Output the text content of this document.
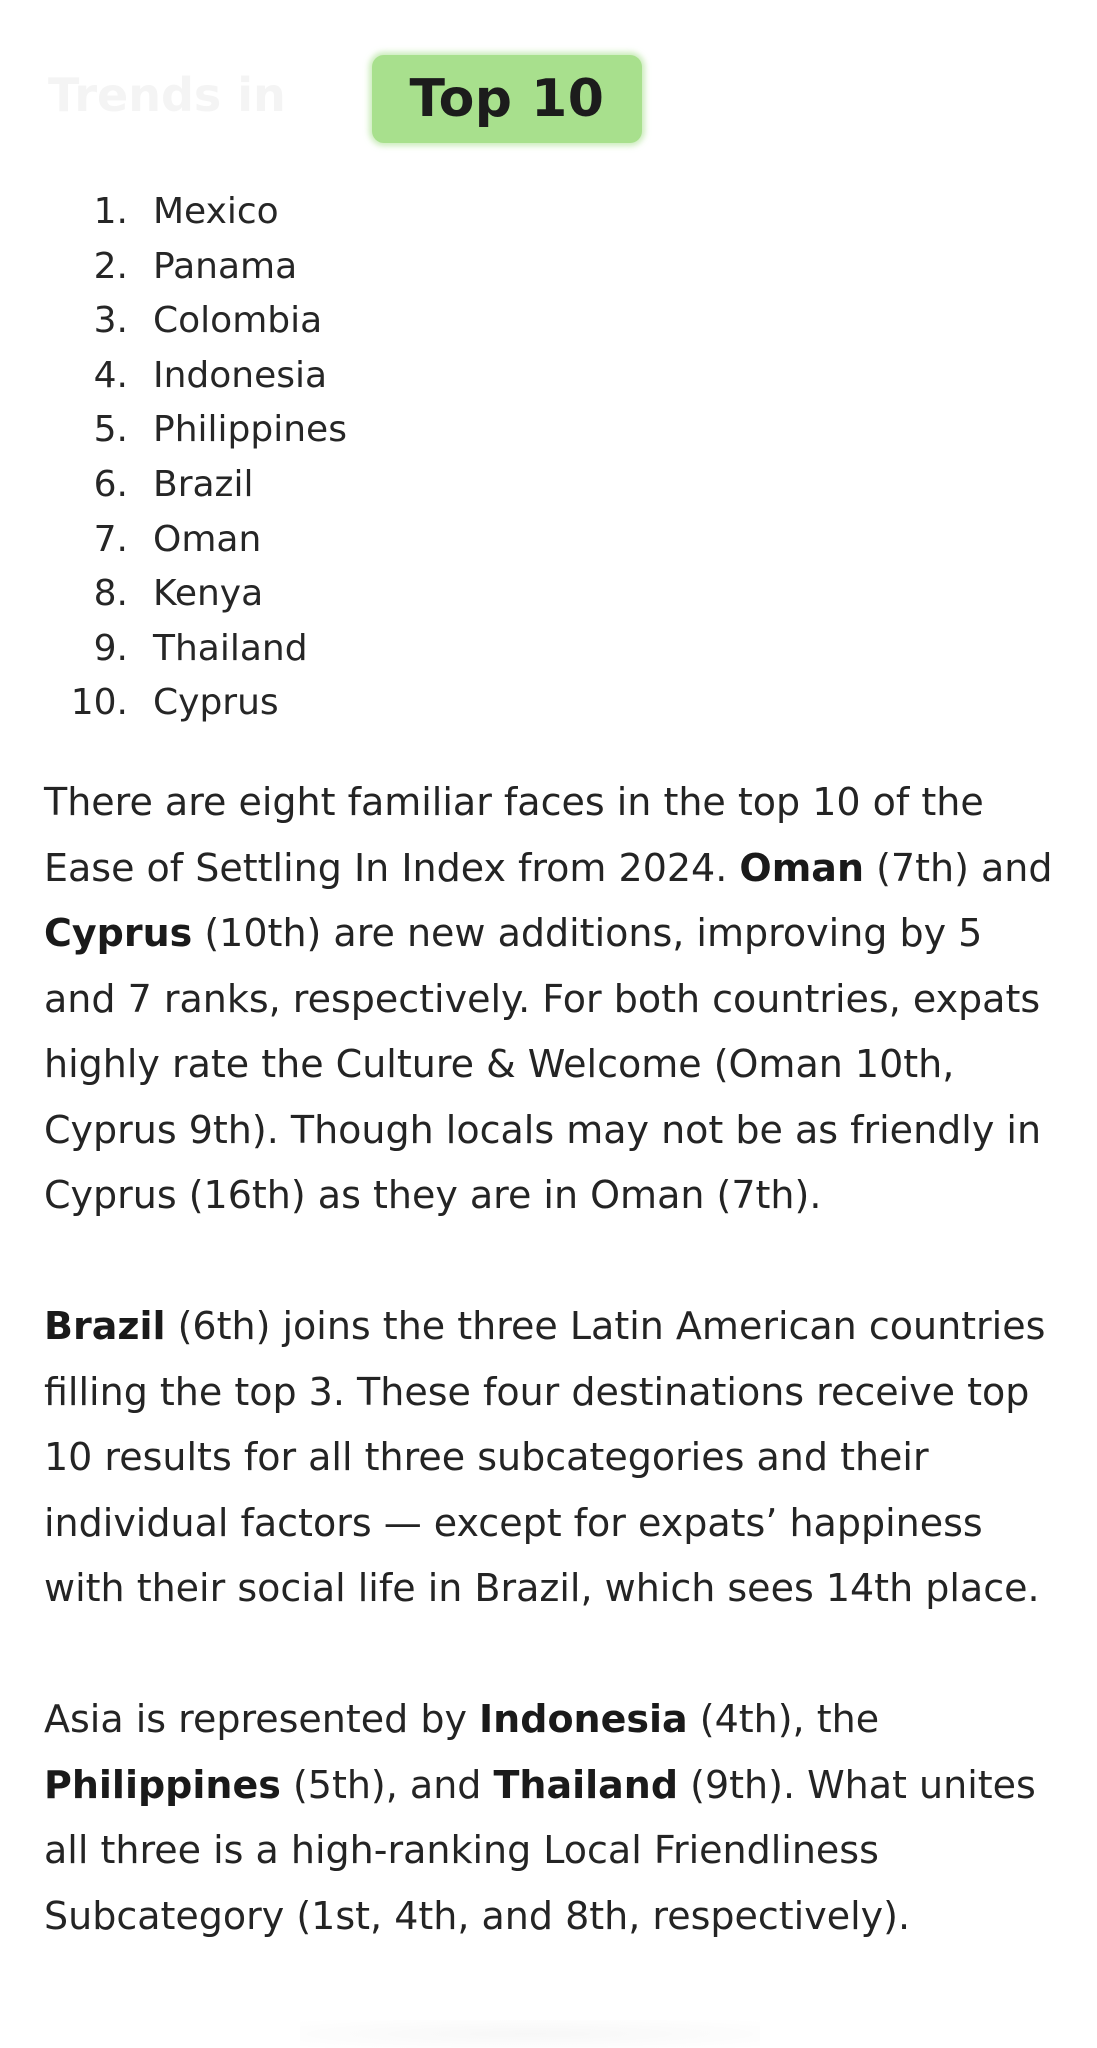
Trends in Top 10
1. Mexico
2. Panama
3. Colombia
4. Indonesia
5. Philippines
6. Brazil
7. Oman
8. Kenya
9. Thailand
10. Cyprus

There are eight familiar faces in the top 10 of the Ease of Settling In Index from 2024. Oman (7th) and Cyprus (10th) are new additions, improving by 5 and 7 ranks, respectively. For both countries, expats highly rate the Culture & Welcome (Oman 10th, Cyprus 9th). Though locals may not be as friendly in Cyprus (16th) as they are in Oman (7th).

Brazil (6th) joins the three Latin American countries filling the top 3. These four destinations receive top 10 results for all three subcategories and their individual factors — except for expats’ happiness with their social life in Brazil, which sees 14th place.

Asia is represented by Indonesia (4th), the Philippines (5th), and Thailand (9th). What unites all three is a high-ranking Local Friendliness Subcategory (1st, 4th, and 8th, respectively).
